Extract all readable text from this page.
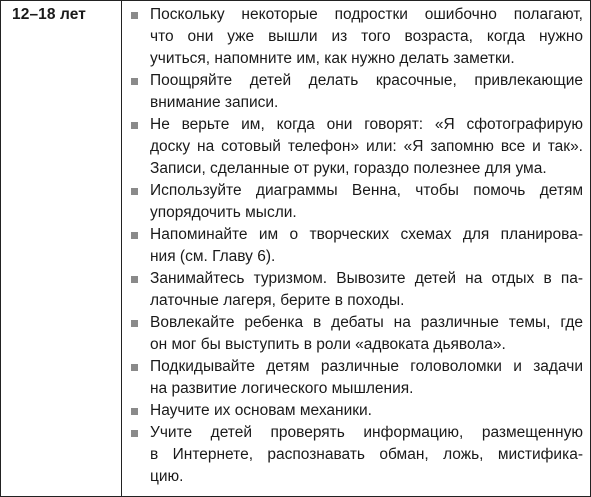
12–18 лет	Поскольку некоторые подростки ошибочно полагают,
что они уже вышли из того возраста, когда нужно
учиться, напомните им, как нужно делать заметки.
Поощряйте детей делать красочные, привлекающие
внимание записи.
Не верьте им, когда они говорят: «Я сфотографирую
доску на сотовый телефон» или: «Я запомню все и так».
Записи, сделанные от руки, гораздо полезнее для ума.
Используйте диаграммы Венна, чтобы помочь детям
упорядочить мысли.
Напоминайте им о творческих схемах для планирова-
ния (см. Главу 6).
Занимайтесь туризмом. Вывозите детей на отдых в па-
латочные лагеря, берите в походы.
Вовлекайте ребенка в дебаты на различные темы, где
он мог бы выступить в роли «адвоката дьявола».
Подкидывайте детям различные головоломки и задачи
на развитие логического мышления.
Научите их основам механики.
Учите детей проверять информацию, размещенную
в Интернете, распознавать обман, ложь, мистифика-
цию.
